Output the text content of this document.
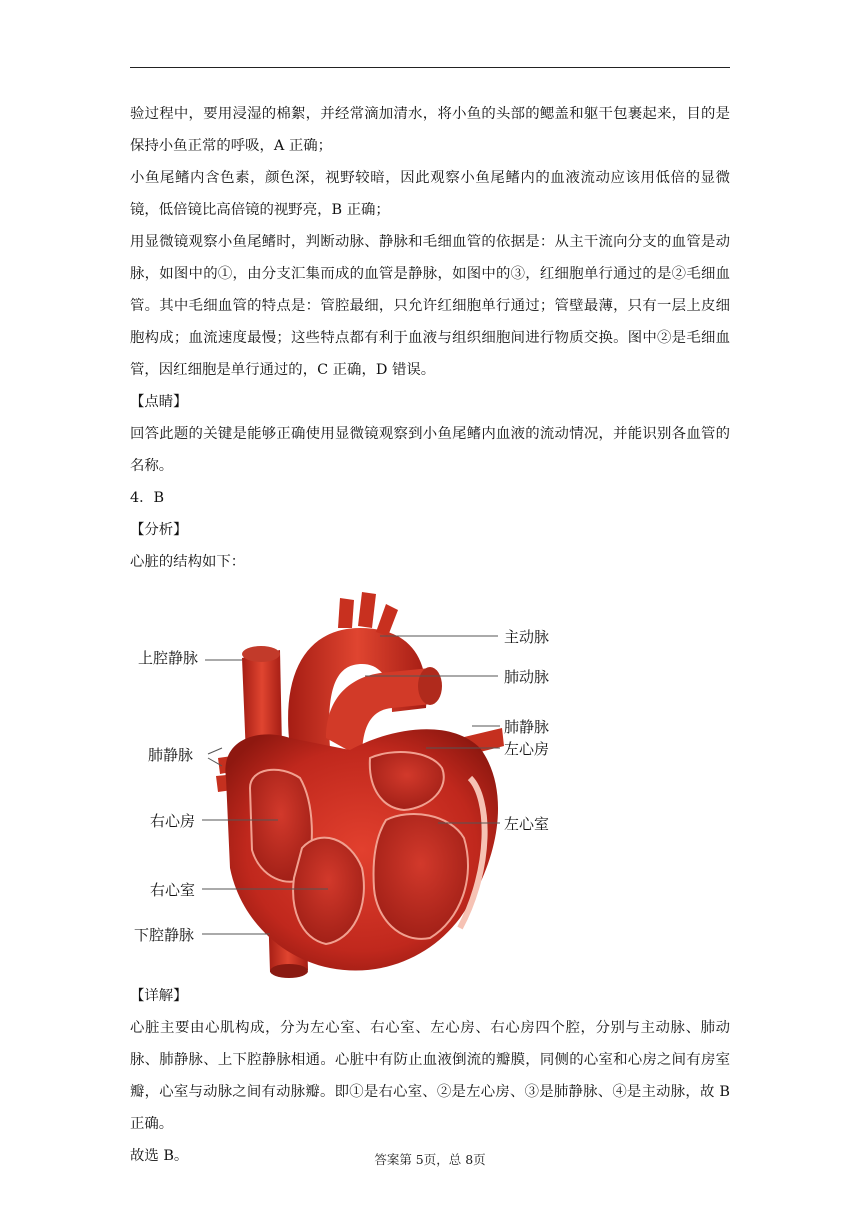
验过程中，要用浸湿的棉絮，并经常滴加清水，将小鱼的头部的鳃盖和躯干包裹起来，目的是保持小鱼正常的呼吸，A 正确；

小鱼尾鳍内含色素，颜色深，视野较暗，因此观察小鱼尾鳍内的血液流动应该用低倍的显微镜，低倍镜比高倍镜的视野亮，B 正确；

用显微镜观察小鱼尾鳍时，判断动脉、静脉和毛细血管的依据是：从主干流向分支的血管是动脉，如图中的①，由分支汇集而成的血管是静脉，如图中的③，红细胞单行通过的是②毛细血管。其中毛细血管的特点是：管腔最细，只允许红细胞单行通过；管壁最薄，只有一层上皮细胞构成；血流速度最慢；这些特点都有利于血液与组织细胞间进行物质交换。图中②是毛细血管，因红细胞是单行通过的，C 正确，D 错误。

【点睛】

回答此题的关键是能够正确使用显微镜观察到小鱼尾鳍内血液的流动情况，并能识别各血管的名称。

4．B

【分析】

心脏的结构如下：

上腔静脉
主动脉
肺动脉
肺静脉
肺静脉
左心房
右心房	左心室
右心室
下腔静脉

【详解】

心脏主要由心肌构成，分为左心室、右心室、左心房、右心房四个腔，分别与主动脉、肺动脉、肺静脉、上下腔静脉相通。心脏中有防止血液倒流的瓣膜，同侧的心室和心房之间有房室瓣，心室与动脉之间有动脉瓣。即①是右心室、②是左心房、③是肺静脉、④是主动脉，故 B 正确。

故选 B。	答案第 5页，总 8页
